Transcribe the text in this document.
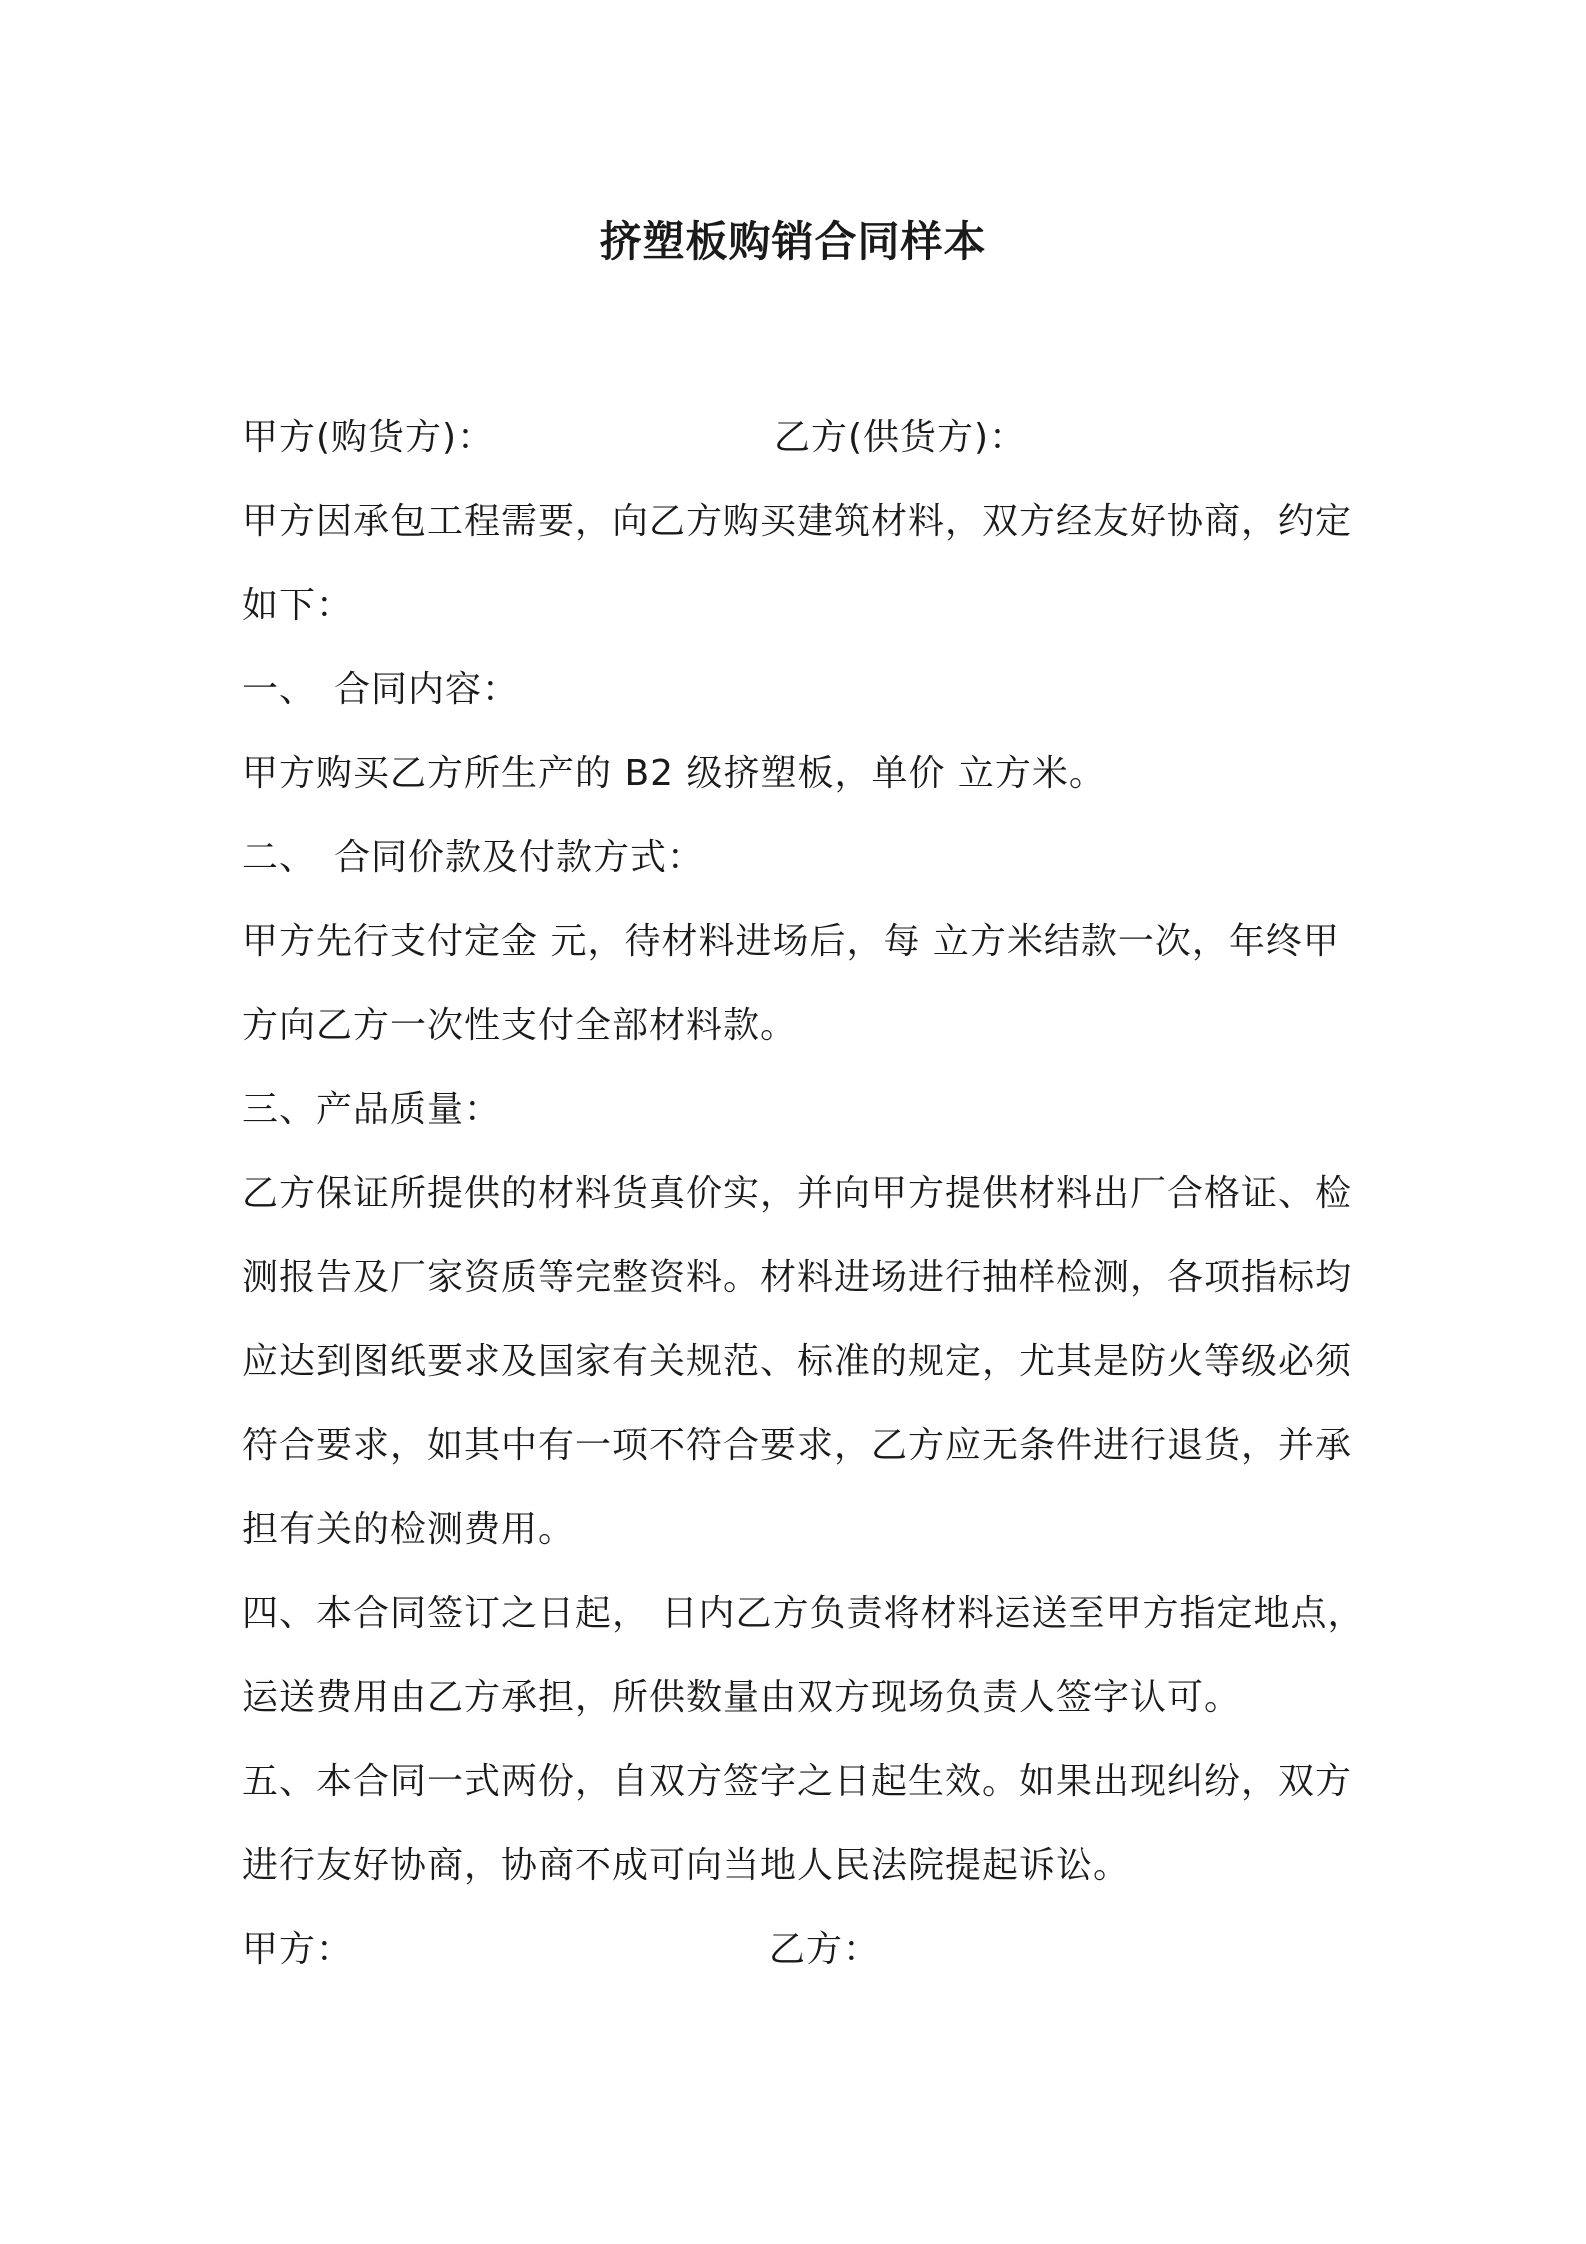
挤塑板购销合同样本
甲方(购货方)：	乙方(供货方)：
甲方因承包工程需要，向乙方购买建筑材料，双方经友好协商，约定
如下：
一、 合同内容：
甲方购买乙方所生产的 B2 级挤塑板，单价 立方米。
二、 合同价款及付款方式：
甲方先行支付定金 元，待材料进场后，每 立方米结款一次，年终甲
方向乙方一次性支付全部材料款。
三、产品质量：
乙方保证所提供的材料货真价实，并向甲方提供材料出厂合格证、检
测报告及厂家资质等完整资料。材料进场进行抽样检测，各项指标均
应达到图纸要求及国家有关规范、标准的规定，尤其是防火等级必须
符合要求，如其中有一项不符合要求，乙方应无条件进行退货，并承
担有关的检测费用。
四、本合同签订之日起， 日内乙方负责将材料运送至甲方指定地点，
运送费用由乙方承担，所供数量由双方现场负责人签字认可。
五、本合同一式两份，自双方签字之日起生效。如果出现纠纷，双方
进行友好协商，协商不成可向当地人民法院提起诉讼。
甲方：	乙方：
